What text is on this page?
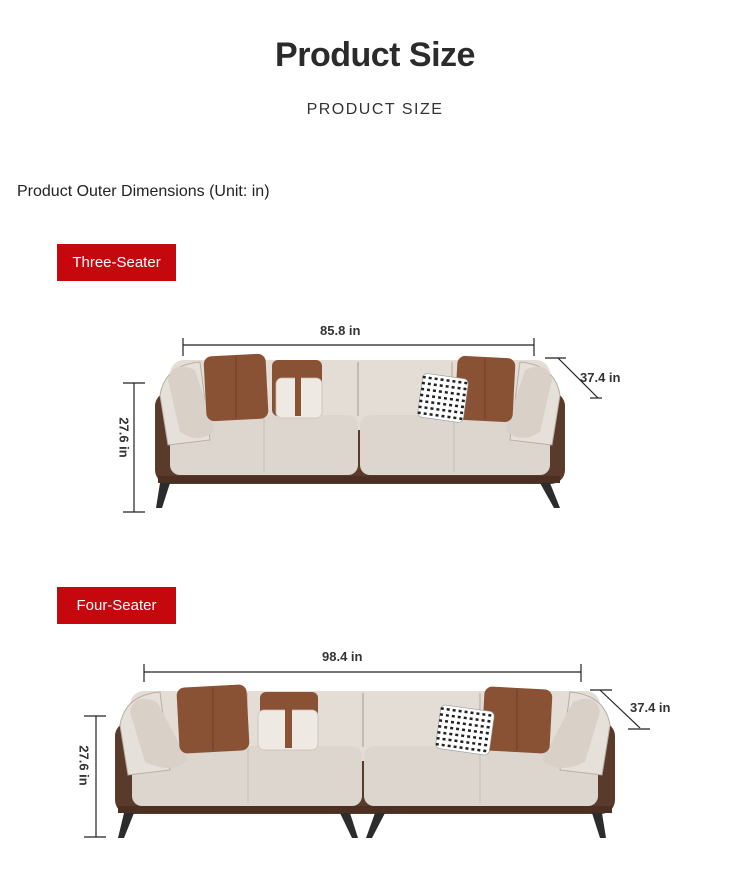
Product Size
PRODUCT SIZE
Product Outer Dimensions (Unit: in)
Three-Seater
85.8 in
27.6 in
37.4 in
Four-Seater
98.4 in
27.6 in
37.4 in
